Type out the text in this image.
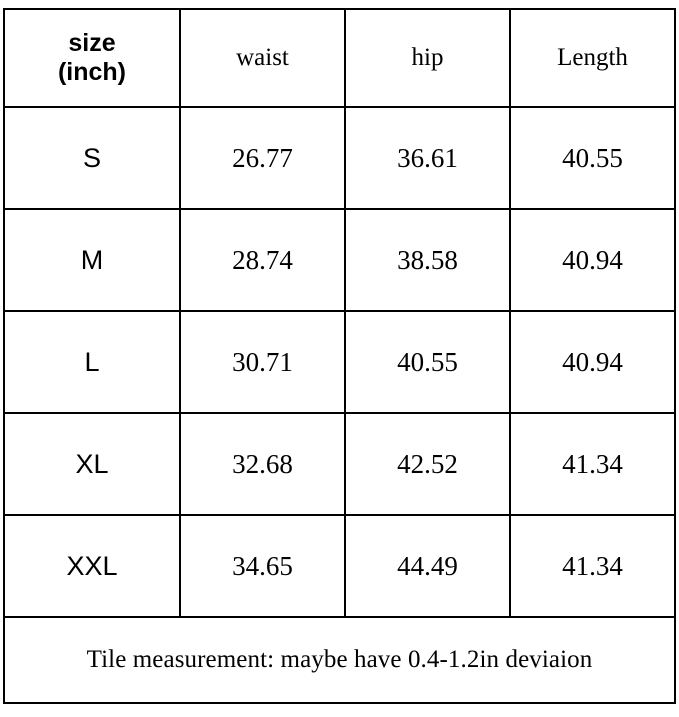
size
(inch)	waist	hip	Length
S	26.77	36.61	40.55
M	28.74	38.58	40.94
L	30.71	40.55	40.94
XL	32.68	42.52	41.34
XXL	34.65	44.49	41.34
Tile measurement: maybe have 0.4-1.2in deviaion			
